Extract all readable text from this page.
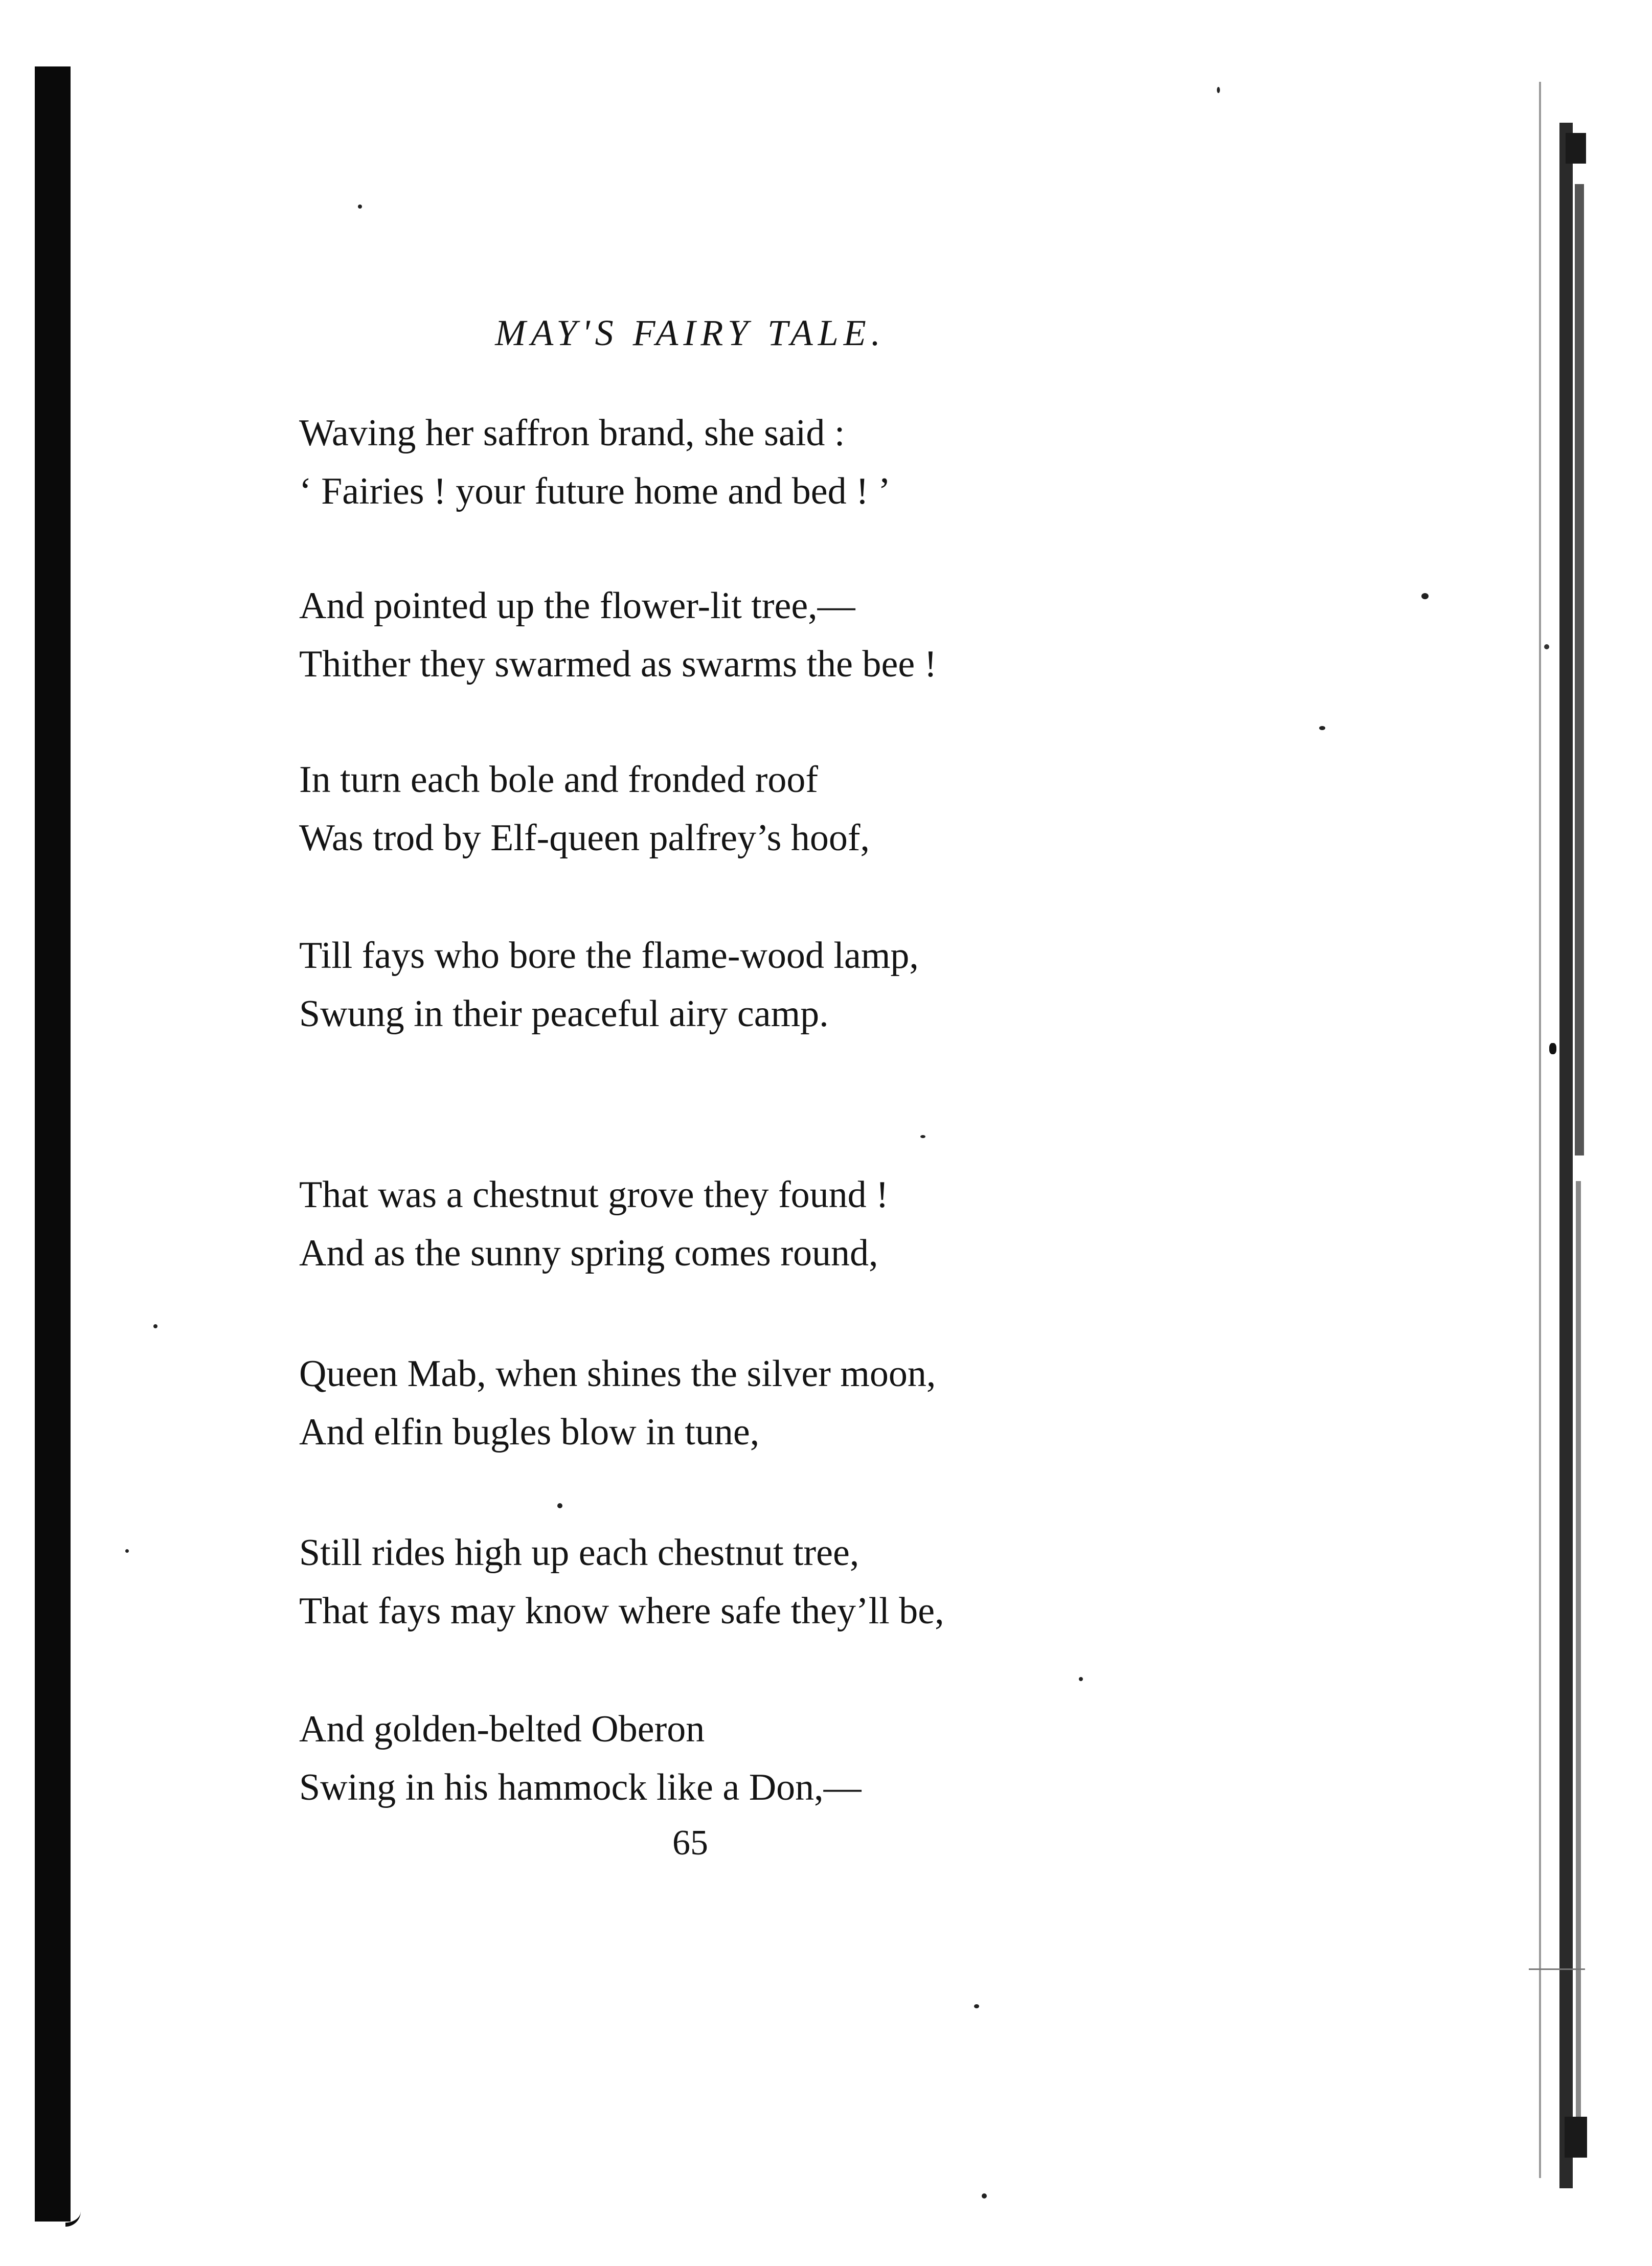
MAY'S FAIRY TALE.
Waving her saffron brand, she said :
‘ Fairies ! your future home and bed ! ’
And pointed up the flower-lit tree,—
Thither they swarmed as swarms the bee !
In turn each bole and fronded roof
Was trod by Elf-queen palfrey’s hoof,
Till fays who bore the flame-wood lamp,
Swung in their peaceful airy camp.
That was a chestnut grove they found !
And as the sunny spring comes round,
Queen Mab, when shines the silver moon,
And elfin bugles blow in tune,
Still rides high up each chestnut tree,
That fays may know where safe they’ll be,
And golden-belted Oberon
Swing in his hammock like a Don,—
65
